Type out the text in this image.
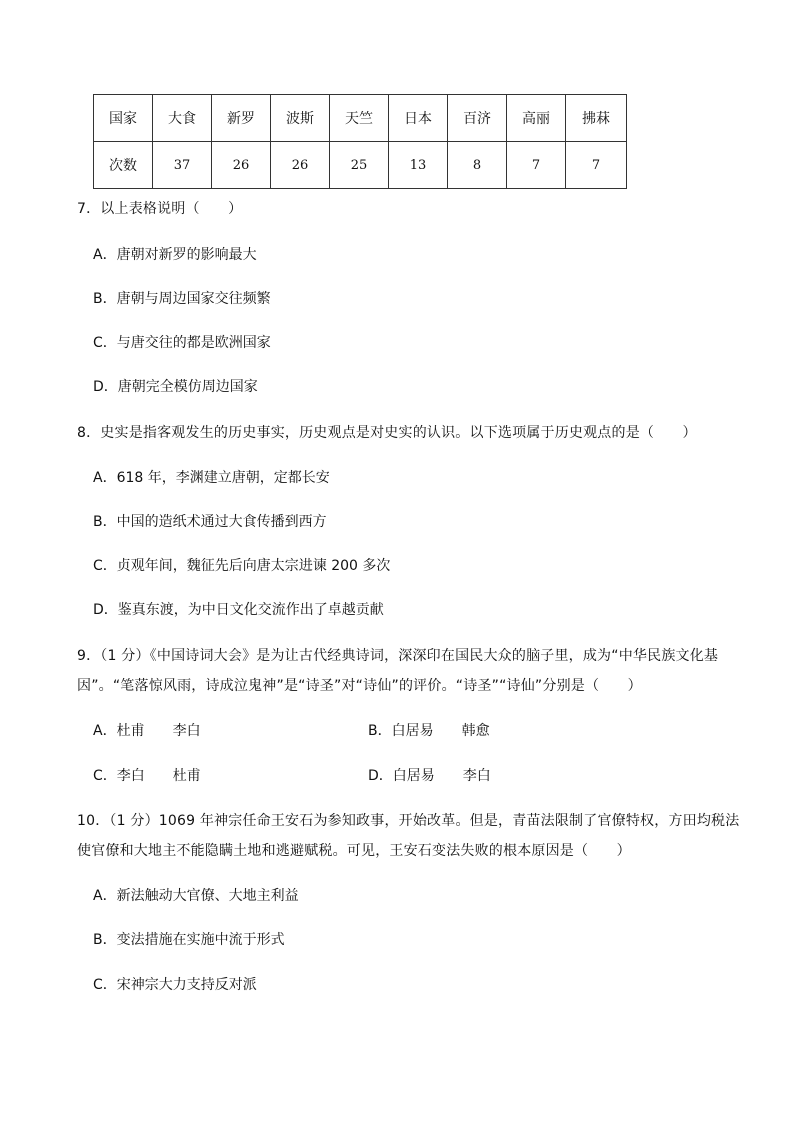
国家	大食	新罗	波斯	天竺	日本	百济	高丽	拂菻
次数	37	26	26	25	13	8	7	7
7．以上表格说明（　　）
A．唐朝对新罗的影响最大
B．唐朝与周边国家交往频繁
C．与唐交往的都是欧洲国家
D．唐朝完全模仿周边国家
8．史实是指客观发生的历史事实，历史观点是对史实的认识。以下选项属于历史观点的是（　　）
A．618 年，李渊建立唐朝，定都长安
B．中国的造纸术通过大食传播到西方
C．贞观年间，魏征先后向唐太宗进谏 200 多次
D．鉴真东渡，为中日文化交流作出了卓越贡献
9．（1 分）《中国诗词大会》是为让古代经典诗词，深深印在国民大众的脑子里，成为“中华民族文化基
因”。“笔落惊风雨，诗成泣鬼神”是“诗圣”对“诗仙”的评价。“诗圣”“诗仙”分别是（　　）
A．杜甫　　李白	B．白居易　　韩愈
C．李白　　杜甫	D．白居易　　李白
10．（1 分）1069 年神宗任命王安石为参知政事，开始改革。但是，青苗法限制了官僚特权，方田均税法
使官僚和大地主不能隐瞒土地和逃避赋税。可见，王安石变法失败的根本原因是（　　）
A．新法触动大官僚、大地主利益
B．变法措施在实施中流于形式
C．宋神宗大力支持反对派
